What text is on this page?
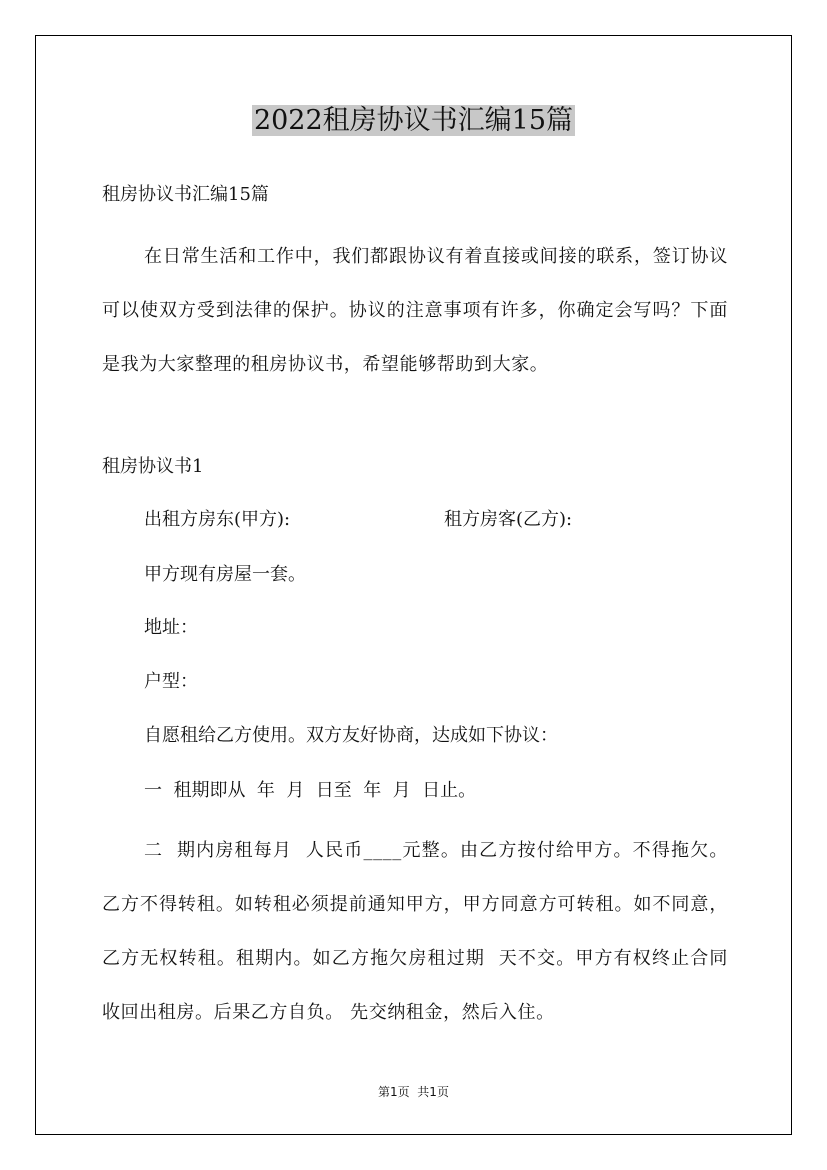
2022租房协议书汇编15篇
租房协议书汇编15篇
在日常生活和工作中，我们都跟协议有着直接或间接的联系，签订协议可以使双方受到法律的保护。协议的注意事项有许多，你确定会写吗？下面是我为大家整理的租房协议书，希望能够帮助到大家。
租房协议书1
出租方房东(甲方):	租方房客(乙方):
甲方现有房屋一套。
地址：
户型：
自愿租给乙方使用。双方友好协商，达成如下协议：
一  租期即从  年  月  日至  年  月  日止。
二  期内房租每月  人民币____元整。由乙方按付给甲方。不得拖欠。乙方不得转租。如转租必须提前通知甲方，甲方同意方可转租。如不同意，乙方无权转租。租期内。如乙方拖欠房租过期  天不交。甲方有权终止合同收回出租房。后果乙方自负。 先交纳租金，然后入住。
第1页  共1页
